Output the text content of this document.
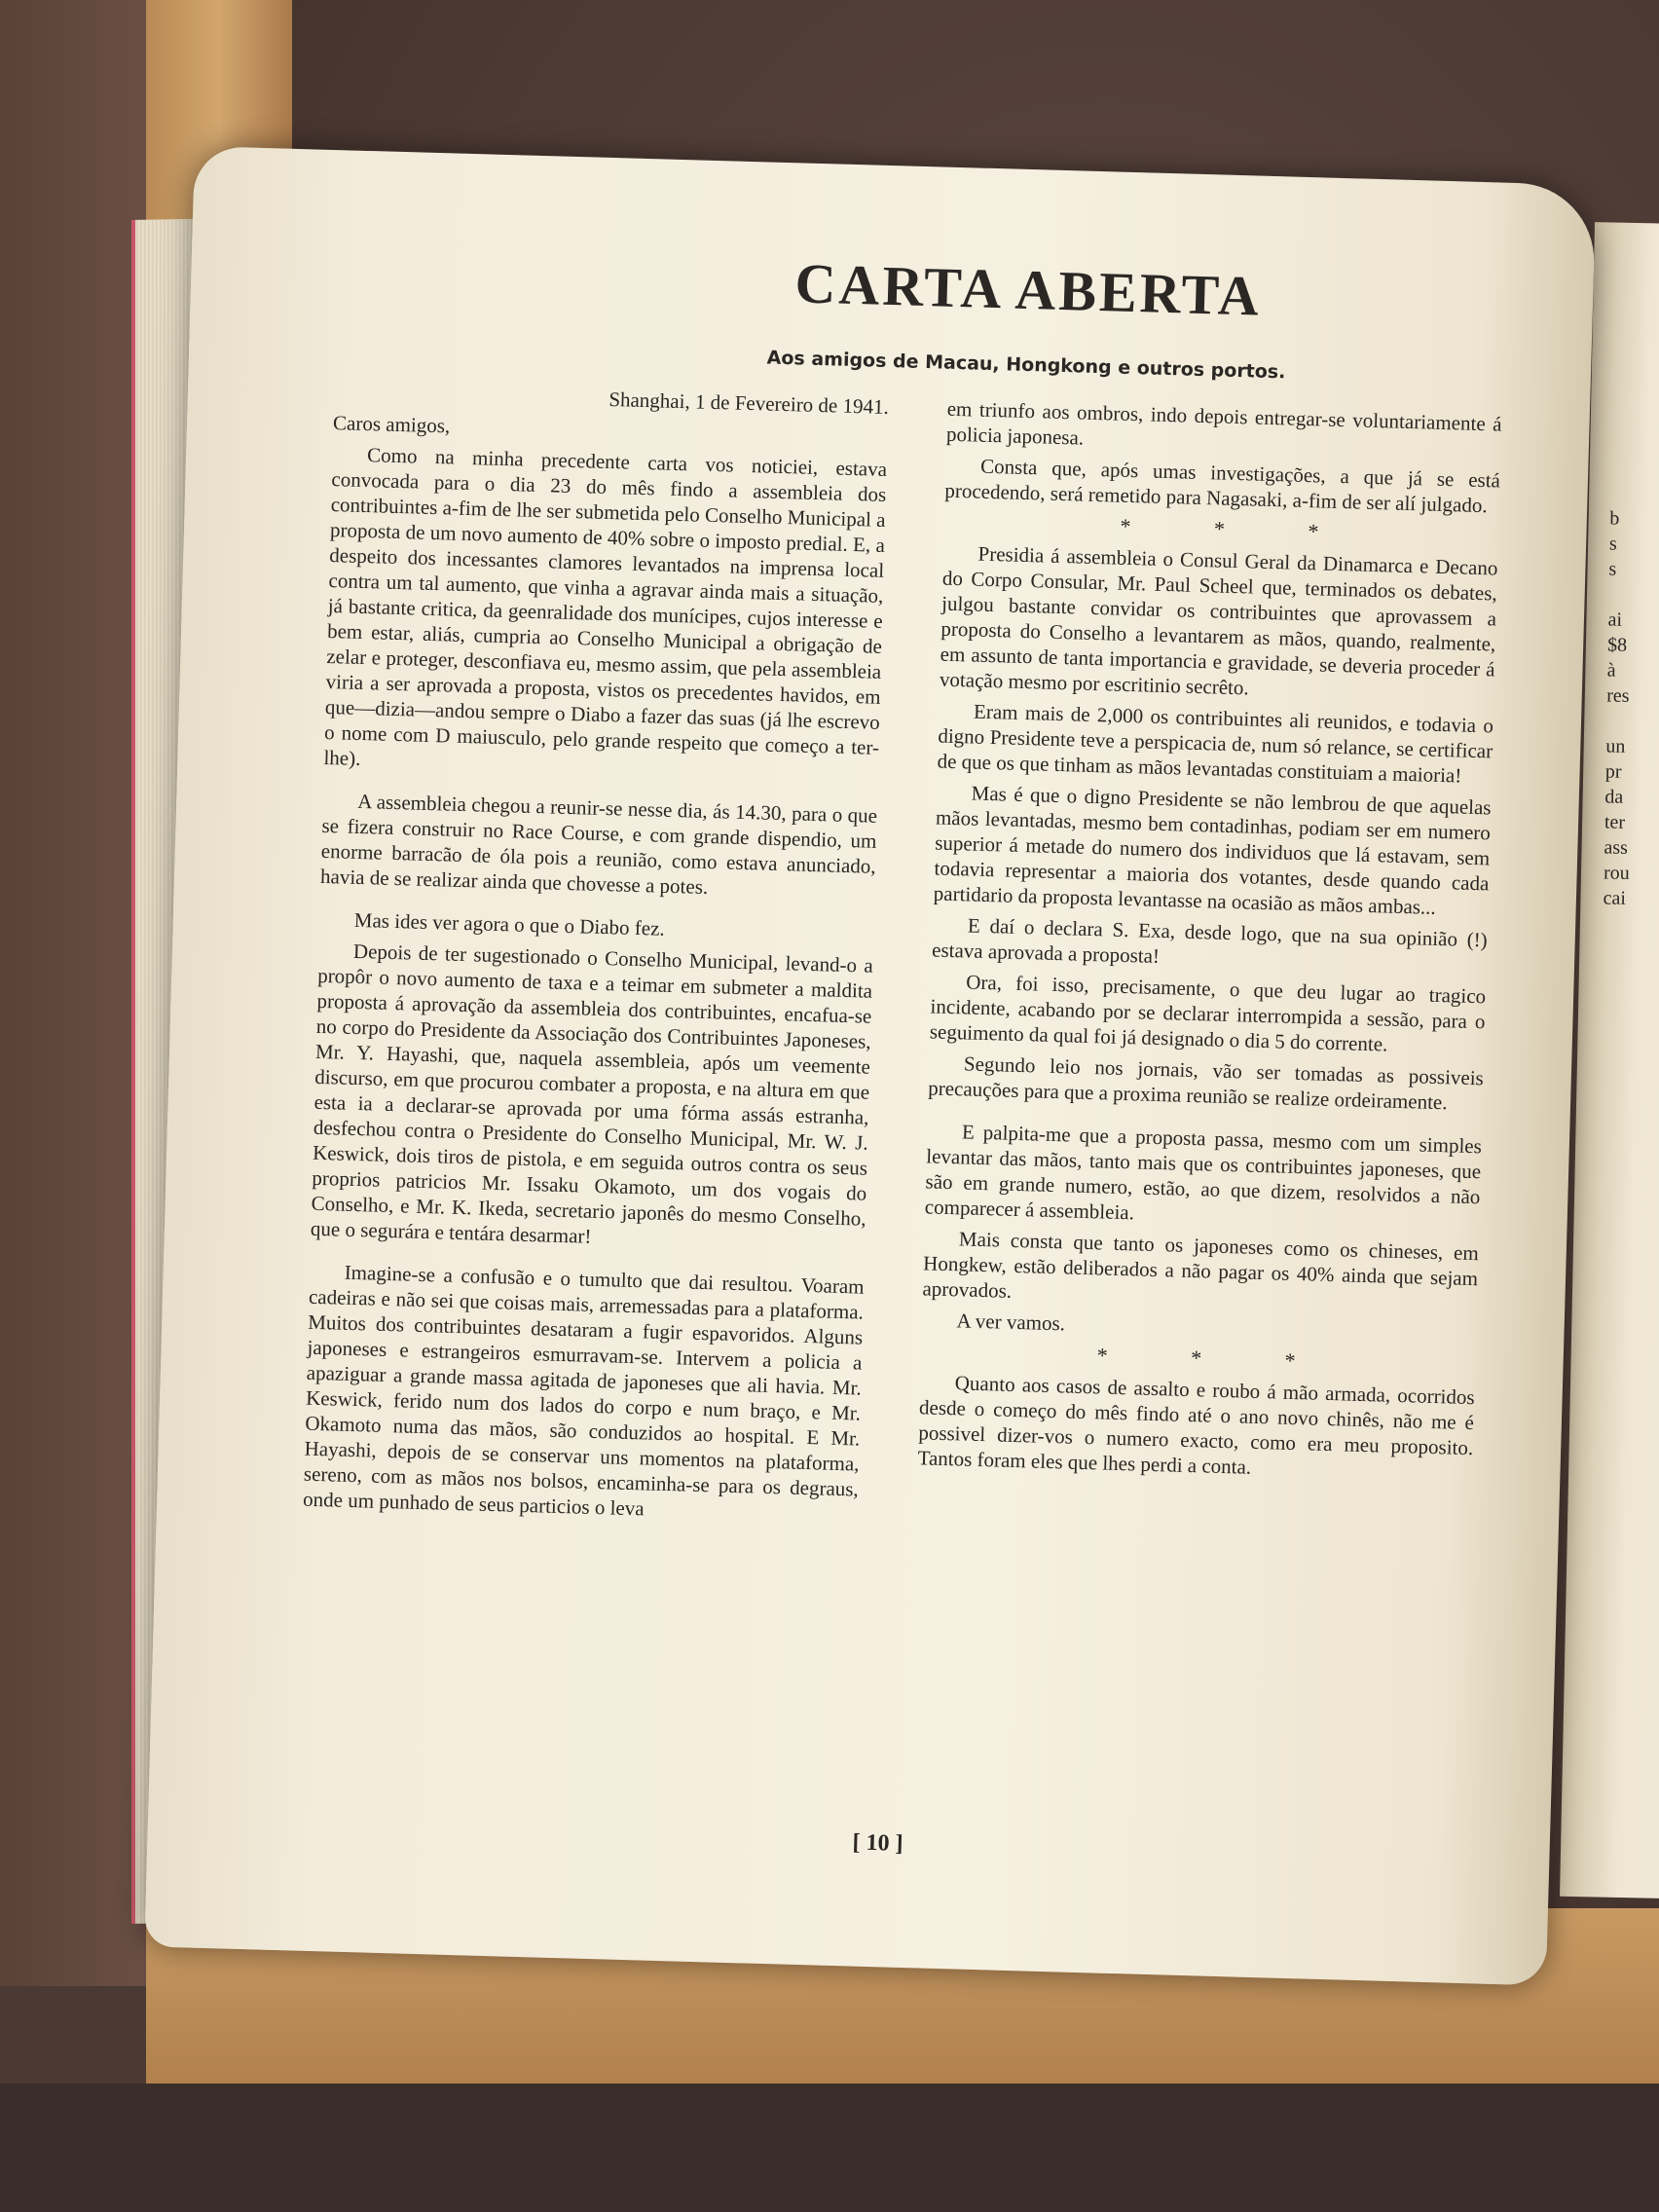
b
s
s

ai
$8
à
res

un
pr
da
ter
ass
rou
cai
CARTA ABERTA

Aos amigos de Macau, Hongkong e outros portos.

Shanghai, 1 de Fevereiro de 1941.

Caros amigos,

Como na minha precedente carta vos noticiei, estava convocada para o dia 23 do mês findo a assembleia dos contribuintes a-fim de lhe ser submetida pelo Conselho Municipal a proposta de um novo aumento de 40% sobre o imposto predial. E, a despeito dos incessantes clamores levantados na imprensa local contra um tal aumento, que vinha a agravar ainda mais a situação, já bastante critica, da geenralidade dos munícipes, cujos interesse e bem estar, aliás, cumpria ao Conselho Municipal a obrigação de zelar e proteger, desconfiava eu, mesmo assim, que pela assembleia viria a ser aprovada a proposta, vistos os precedentes havidos, em que—dizia—andou sempre o Diabo a fazer das suas (já lhe escrevo o nome com D maiusculo, pelo grande respeito que começo a ter-lhe).

A assembleia chegou a reunir-se nesse dia, ás 14.30, para o que se fizera construir no Race Course, e com grande dispendio, um enorme barracão de óla pois a reunião, como estava anunciado, havia de se realizar ainda que chovesse a potes.

Mas ides ver agora o que o Diabo fez.

Depois de ter sugestionado o Conselho Municipal, levand-o a propôr o novo aumento de taxa e a teimar em submeter a maldita proposta á aprovação da assembleia dos contribuintes, encafua-se no corpo do Presidente da Associação dos Contribuintes Japoneses, Mr. Y. Hayashi, que, naquela assembleia, após um veemente discurso, em que procurou combater a proposta, e na altura em que esta ia a declarar-se aprovada por uma fórma assás estranha, desfechou contra o Presidente do Conselho Municipal, Mr. W. J. Keswick, dois tiros de pistola, e em seguida outros contra os seus proprios patricios Mr. Issaku Okamoto, um dos vogais do Conselho, e Mr. K. Ikeda, secretario japonês do mesmo Conselho, que o segurára e tentára desarmar!

Imagine-se a confusão e o tumulto que dai resultou. Voaram cadeiras e não sei que coisas mais, arremessadas para a plataforma. Muitos dos contribuintes desataram a fugir espavoridos. Alguns japoneses e estrangeiros esmurravam-se. Intervem a policia a apaziguar a grande massa agitada de japoneses que ali havia. Mr. Keswick, ferido num dos lados do corpo e num braço, e Mr. Okamoto numa das mãos, são conduzidos ao hospital. E Mr. Hayashi, depois de se conservar uns momentos na plataforma, sereno, com as mãos nos bolsos, encaminha-se para os degraus, onde um punhado de seus particios o leva

em triunfo aos ombros, indo depois entregar-se voluntariamente á policia japonesa.

Consta que, após umas investigações, a que já se está procedendo, será remetido para Nagasaki, a-fim de ser alí julgado.

* * *

Presidia á assembleia o Consul Geral da Dinamarca e Decano do Corpo Consular, Mr. Paul Scheel que, terminados os debates, julgou bastante convidar os contribuintes que aprovassem a proposta do Conselho a levantarem as mãos, quando, realmente, em assunto de tanta importancia e gravidade, se deveria proceder á votação mesmo por escritinio secrêto.

Eram mais de 2,000 os contribuintes ali reunidos, e todavia o digno Presidente teve a perspicacia de, num só relance, se certificar de que os que tinham as mãos levantadas constituiam a maioria!

Mas é que o digno Presidente se não lembrou de que aquelas mãos levantadas, mesmo bem contadinhas, podiam ser em numero superior á metade do numero dos individuos que lá estavam, sem todavia representar a maioria dos votantes, desde quando cada partidario da proposta levantasse na ocasião as mãos ambas...

E daí o declara S. Exa, desde logo, que na sua opinião (!) estava aprovada a proposta!

Ora, foi isso, precisamente, o que deu lugar ao tragico incidente, acabando por se declarar interrompida a sessão, para o seguimento da qual foi já designado o dia 5 do corrente.

Segundo leio nos jornais, vão ser tomadas as possiveis precauções para que a proxima reunião se realize ordeiramente.

E palpita-me que a proposta passa, mesmo com um simples levantar das mãos, tanto mais que os contribuintes japoneses, que são em grande numero, estão, ao que dizem, resolvidos a não comparecer á assembleia.

Mais consta que tanto os japoneses como os chineses, em Hongkew, estão deliberados a não pagar os 40% ainda que sejam aprovados.

A ver vamos.

* * *

Quanto aos casos de assalto e roubo á mão armada, ocorridos desde o começo do mês findo até o ano novo chinês, não me é possivel dizer-vos o numero exacto, como era meu proposito. Tantos foram eles que lhes perdi a conta.

[ 10 ]
